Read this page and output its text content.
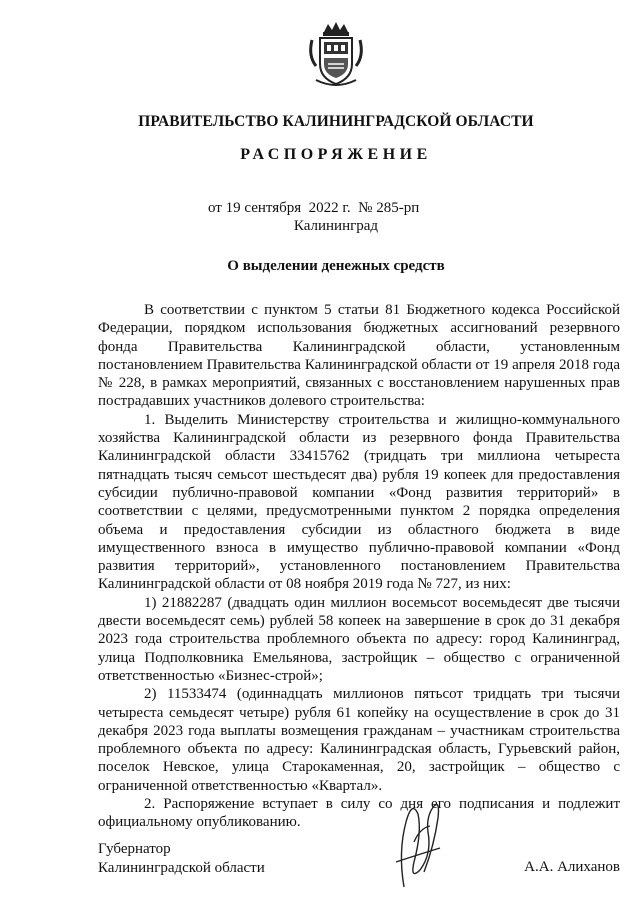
ПРАВИТЕЛЬСТВО КАЛИНИНГРАДСКОЙ ОБЛАСТИ
РАСПОРЯЖЕНИЕ
от 19 сентября  2022 г.  № 285-рп
Калининград
О выделении денежных средств

В соответствии с пунктом 5 статьи 81 Бюджетного кодекса Российской Федерации, порядком использования бюджетных ассигнований резервного фонда Правительства Калининградской области, установленным постановлением Правительства Калининградской области от 19 апреля 2018 года № 228, в рамках мероприятий, связанных с восстановлением нарушенных прав пострадавших участников долевого строительства:

1. Выделить Министерству строительства и жилищно-коммунального хозяйства Калининградской области из резервного фонда Правительства Калининградской области 33415762 (тридцать три миллиона четыреста пятнадцать тысяч семьсот шестьдесят два) рубля 19 копеек для предоставления субсидии публично-правовой компании «Фонд развития территорий» в соответствии с целями, предусмотренными пунктом 2 порядка определения объема и предоставления субсидии из областного бюджета в виде имущественного взноса в имущество публично-правовой компании «Фонд развития территорий», установленного постановлением Правительства Калининградской области от 08 ноября 2019 года № 727, из них:

1) 21882287 (двадцать один миллион восемьсот восемьдесят две тысячи двести восемьдесят семь) рублей 58 копеек на завершение в срок до 31 декабря 2023 года строительства проблемного объекта по адресу: город Калининград, улица Подполковника Емельянова, застройщик – общество с ограниченной ответственностью «Бизнес-строй»;

2) 11533474 (одиннадцать миллионов пятьсот тридцать три тысячи четыреста семьдесят четыре) рубля 61 копейку на осуществление в срок до 31 декабря 2023 года выплаты возмещения гражданам – участникам строительства проблемного объекта по адресу: Калининградская область, Гурьевский район, поселок Невское, улица Старокаменная, 20, застройщик – общество с ограниченной ответственностью «Квартал».

2. Распоряжение вступает в силу со дня его подписания и подлежит официальному опубликованию.

Губернатор
Калининградской области	А.А. Алиханов
